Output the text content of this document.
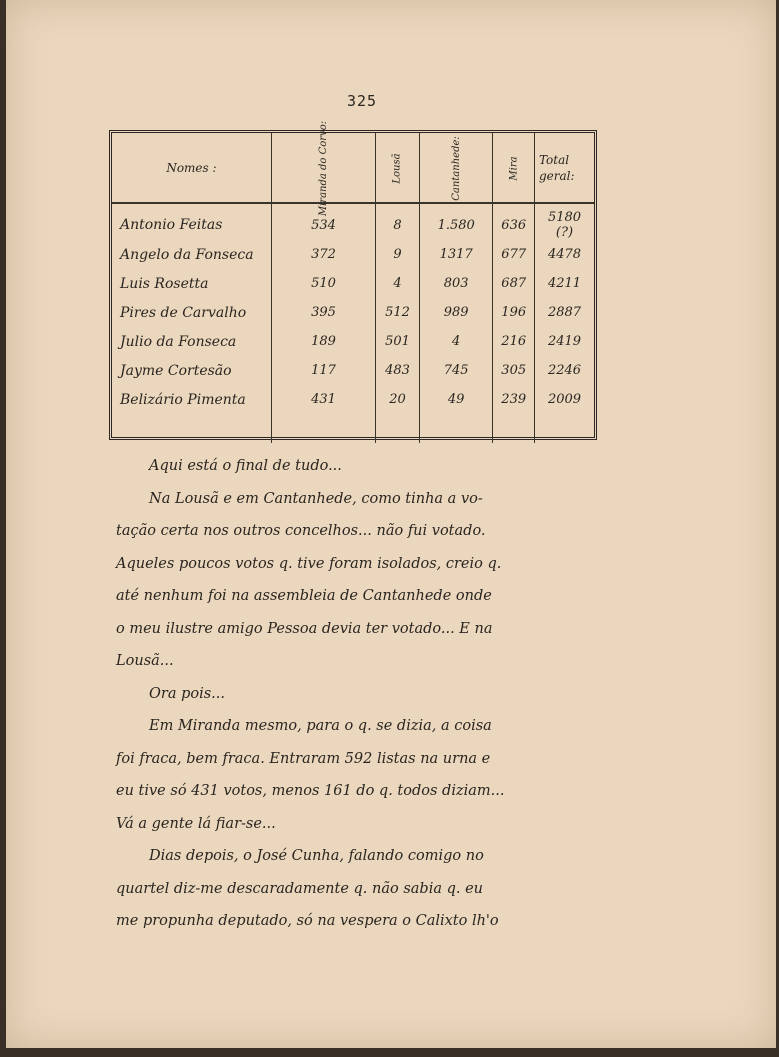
325
Nomes :	Miranda do Corvo:	Lousã	Cantanhede:	Mira	Total geral:
Antonio Feitas	534	8	1.580	636	5180 (?)
Angelo da Fonseca	372	9	1317	677	4478
Luis Rosetta	510	4	803	687	4211
Pires de Carvalho	395	512	989	196	2887
Julio da Fonseca	189	501	4	216	2419
Jayme Cortesão	117	483	745	305	2246
Belizário Pimenta	431	20	49	239	2009

Aqui está o final de tudo...

Na Lousã e em Cantanhede, como tinha a vo-

tação certa nos outros concelhos... não fui votado.

Aqueles poucos votos q. tive foram isolados, creio q.

até nenhum foi na assembleia de Cantanhede onde

o meu ilustre amigo Pessoa devia ter votado... E na

Lousã...

Ora pois...

Em Miranda mesmo, para o q. se dizia, a coisa

foi fraca, bem fraca. Entraram 592 listas na urna e

eu tive só 431 votos, menos 161 do q. todos diziam...

Vá a gente lá fiar-se...

Dias depois, o José Cunha, falando comigo no

quartel diz-me descaradamente q. não sabia q. eu

me propunha deputado, só na vespera o Calixto lh'o
